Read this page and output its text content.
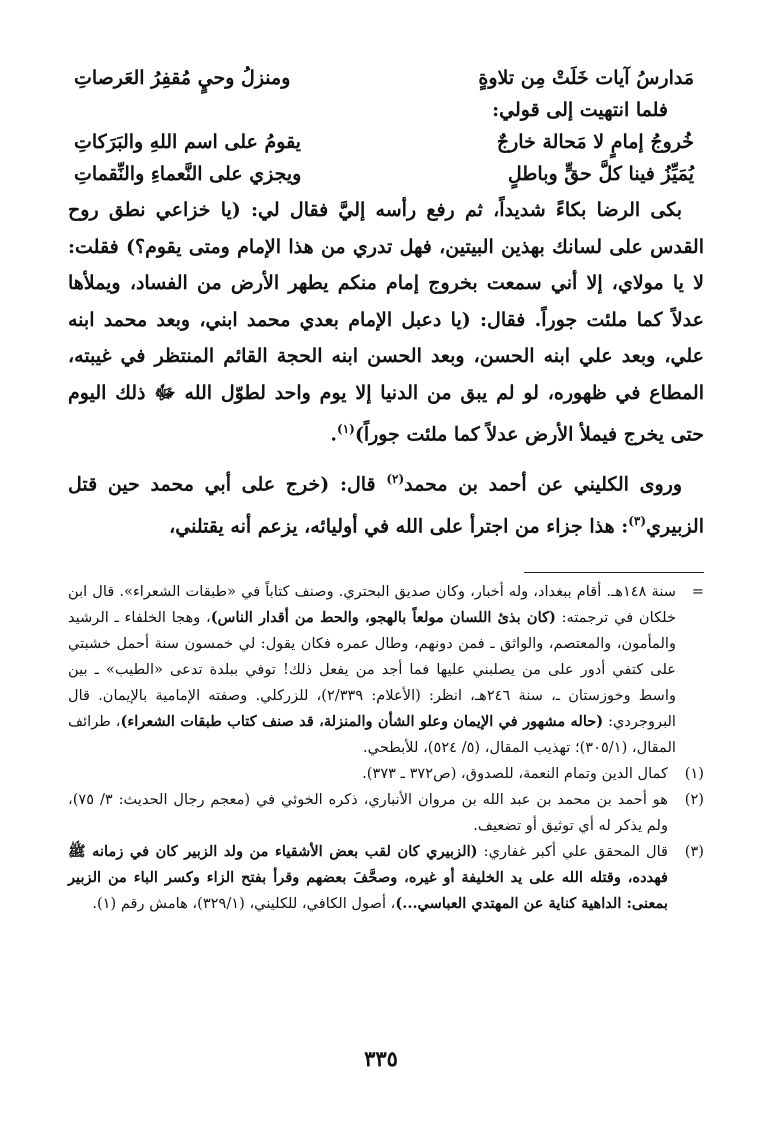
مَدارسُ آيات خَلَتْ مِن تلاوةٍ
ومنزلُ وحيٍ مُقفِرُ العَرصاتِ
فلما انتهيت إلى قولي:
خُروجُ إمامٍ لا مَحالة خارجٌ
يقومُ على اسم اللهِ والبَرَكاتِ
يُمَيِّزُ فينا كلَّ حقٍّ وباطلٍ
ويجزي على النَّعماءِ والنِّقماتِ

بكى الرضا بكاءً شديداً، ثم رفع رأسه إليَّ فقال لي: (يا خزاعي نطق روح القدس على لسانك بهذين البيتين، فهل تدري من هذا الإمام ومتى يقوم؟) فقلت: لا يا مولاي، إلا أني سمعت بخروج إمام منكم يطهر الأرض من الفساد، ويملأها عدلاً كما ملئت جوراً. فقال: (يا دعبل الإمام بعدي محمد ابني، وبعد محمد ابنه علي، وبعد علي ابنه الحسن، وبعد الحسن ابنه الحجة القائم المنتظر في غيبته، المطاع في ظهوره، لو لم يبق من الدنيا إلا يوم واحد لطوّل الله ﷻ ذلك اليوم حتى يخرج فيملأ الأرض عدلاً كما ملئت جوراً)$^{(١)}$.

وروى الكليني عن أحمد بن محمد$^{(٢)}$ قال: (خرج على أبي محمد حين قتل الزبيري$^{(٣)}$: هذا جزاء من اجترأ على الله في أوليائه، يزعم أنه يقتلني،

=
سنة ١٤٨هـ. أقام ببغداد، وله أخبار، وكان صديق البحتري. وصنف كتاباً في «طبقات الشعراء». قال ابن خلكان في ترجمته: (كان بذئ اللسان مولعاً بالهجو، والحط من أقدار الناس)، وهجا الخلفاء ـ الرشيد والمأمون، والمعتصم، والواثق ـ فمن دونهم، وطال عمره فكان يقول: لي خمسون سنة أحمل خشبتي على كتفي أدور على من يصلبني عليها فما أجد من يفعل ذلك! توفي ببلدة تدعى «الطيب» ـ بين واسط وخوزستان ـ، سنة ٢٤٦هـ، انظر: (الأعلام: ٢/٣٣٩)، للزركلي. وصفته الإمامية بالإيمان. قال البروجردي: (حاله مشهور في الإيمان وعلو الشأن والمنزلة، قد صنف كتاب طبقات الشعراء)، طرائف المقال، (٣٠٥/١)؛ تهذيب المقال، (٥/ ٥٢٤)، للأبطحي.
(١)
كمال الدين وتمام النعمة، للصدوق، (ص٣٧٢ ـ ٣٧٣).
(٢)
هو أحمد بن محمد بن عبد الله بن مروان الأنباري، ذكره الخوئي في (معجم رجال الحديث: ٣/ ٧٥)، ولم يذكر له أي توثيق أو تضعيف.
(٣)
قال المحقق علي أكبر غفاري: (الزبيري كان لقب بعض الأشقياء من ولد الزبير كان في زمانه ﷺ فهدده، وقتله الله على يد الخليفة أو غيره، وصحَّفَ بعضهم وقرأ بفتح الزاء وكسر الباء من الزبير بمعنى: الداهية كناية عن المهتدي العباسي...)، أصول الكافي، للكليني، (٣٢٩/١)، هامش رقم (١).
٣٣٥
